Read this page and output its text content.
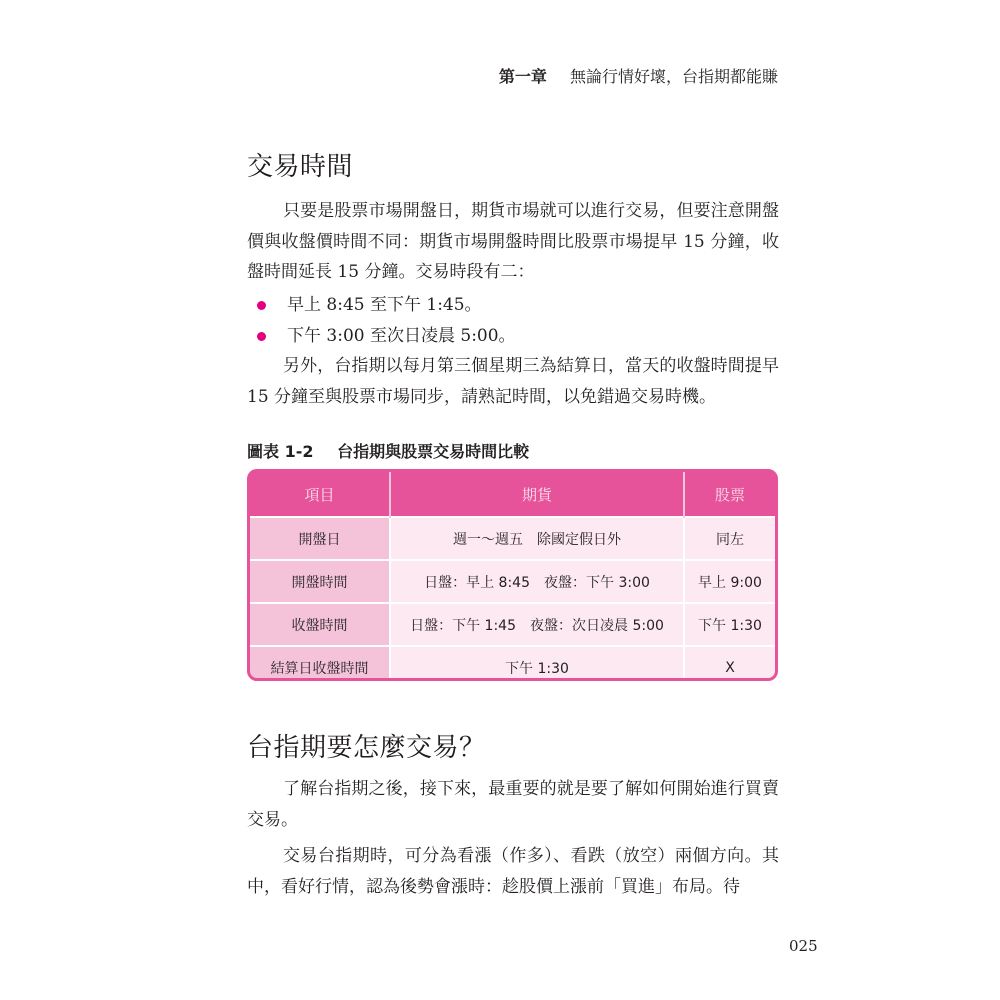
第一章 無論行情好壞，台指期都能賺
交易時間

只要是股票市場開盤日，期貨市場就可以進行交易，但要注意開盤價與收盤價時間不同：期貨市場開盤時間比股票市場提早 15 分鐘，收盤時間延長 15 分鐘。交易時段有二：

早上 8:45 至下午 1:45。
下午 3:00 至次日凌晨 5:00。

另外，台指期以每月第三個星期三為結算日，當天的收盤時間提早 15 分鐘至與股票市場同步，請熟記時間，以免錯過交易時機。

圖表 1-2 台指期與股票交易時間比較
項目	期貨	股票
開盤日	週一～週五　除國定假日外	同左
開盤時間	日盤：早上 8:45　夜盤：下午 3:00	早上 9:00
收盤時間	日盤：下午 1:45　夜盤：次日凌晨 5:00	下午 1:30
結算日收盤時間	下午 1:30	X
台指期要怎麼交易？

了解台指期之後，接下來，最重要的就是要了解如何開始進行買賣交易。

交易台指期時，可分為看漲（作多）、看跌（放空）兩個方向。其中，看好行情，認為後勢會漲時：趁股價上漲前「買進」布局。待

025
